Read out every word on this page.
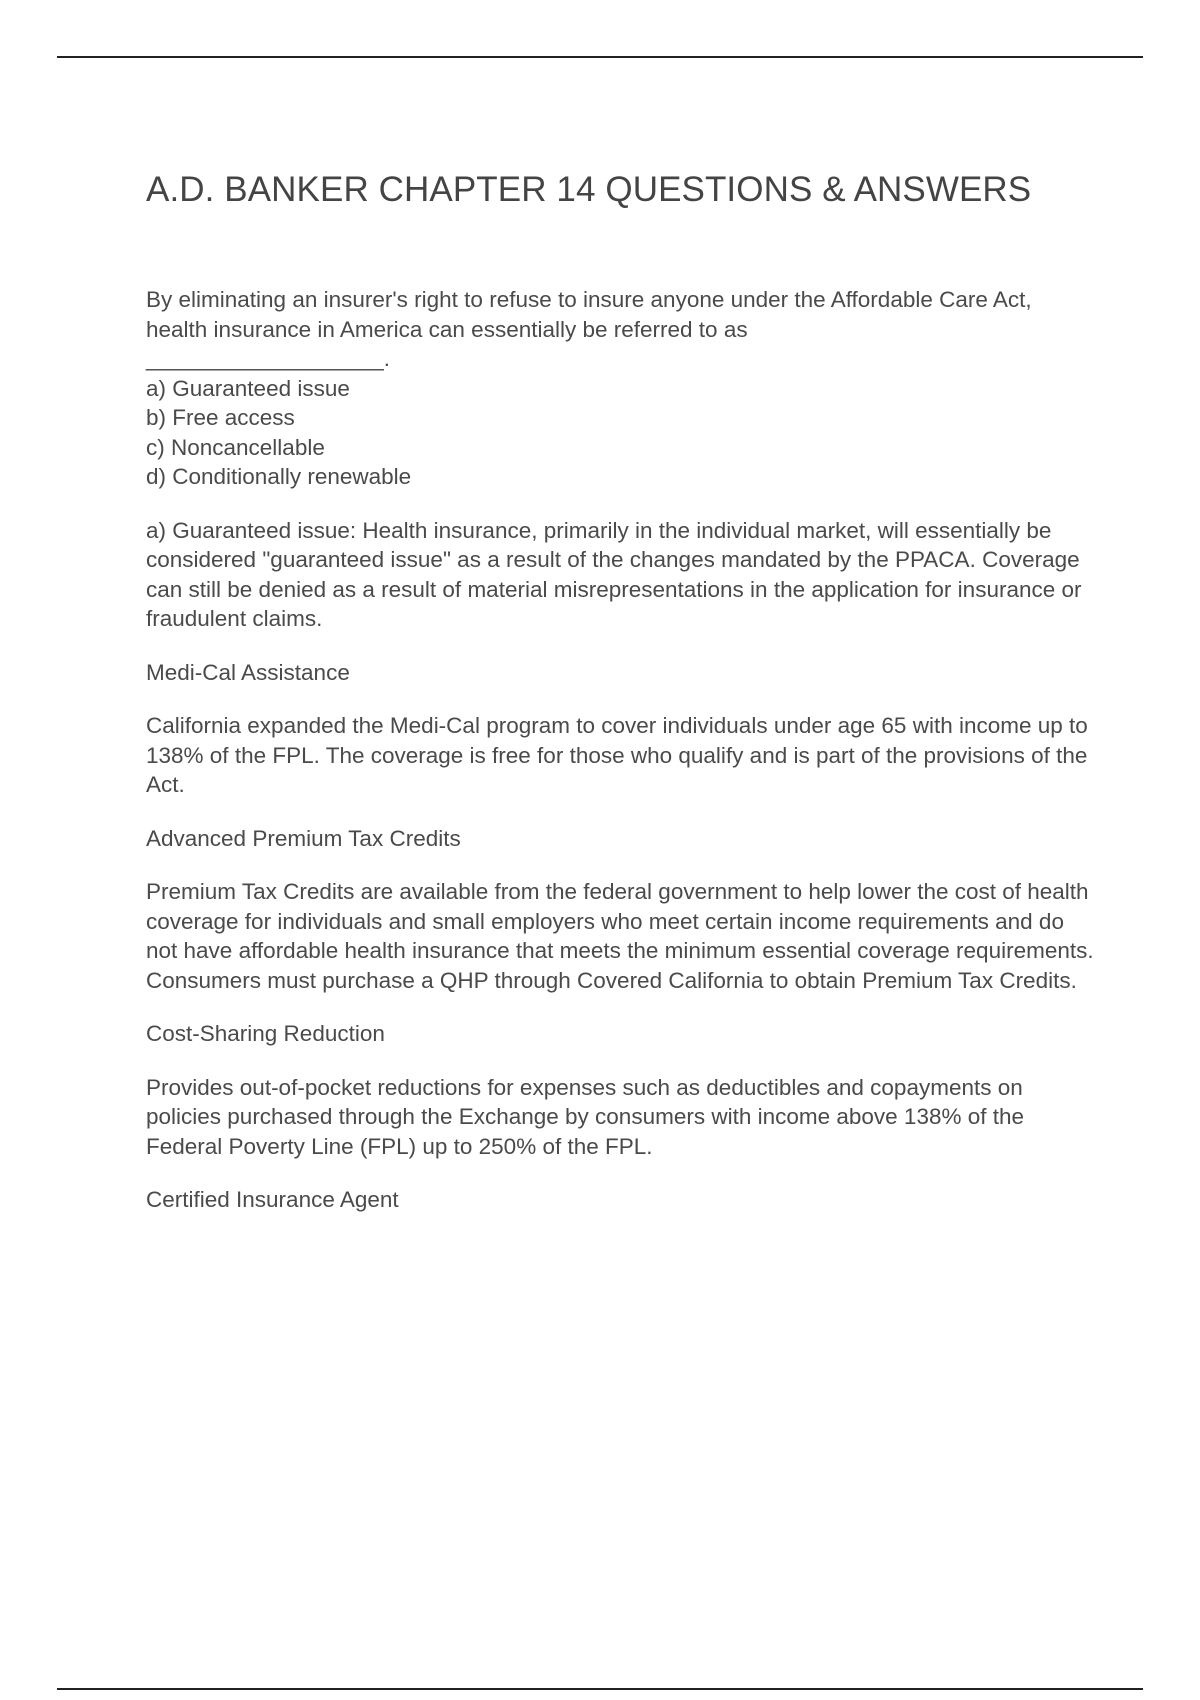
A.D. BANKER CHAPTER 14 QUESTIONS & ANSWERS

By eliminating an insurer's right to refuse to insure anyone under the Affordable Care Act, health insurance in America can essentially be referred to as

___________________.

a) Guaranteed issue
b) Free access
c) Noncancellable
d) Conditionally renewable

a) Guaranteed issue: Health insurance, primarily in the individual market, will essentially be considered "guaranteed issue" as a result of the changes mandated by the PPACA. Coverage can still be denied as a result of material misrepresentations in the application for insurance or fraudulent claims.

Medi-Cal Assistance

California expanded the Medi-Cal program to cover individuals under age 65 with income up to 138% of the FPL. The coverage is free for those who qualify and is part of the provisions of the Act.

Advanced Premium Tax Credits

Premium Tax Credits are available from the federal government to help lower the cost of health coverage for individuals and small employers who meet certain income requirements and do not have affordable health insurance that meets the minimum essential coverage requirements. Consumers must purchase a QHP through Covered California to obtain Premium Tax Credits.

Cost-Sharing Reduction

Provides out-of-pocket reductions for expenses such as deductibles and copayments on policies purchased through the Exchange by consumers with income above 138% of the Federal Poverty Line (FPL) up to 250% of the FPL.

Certified Insurance Agent
